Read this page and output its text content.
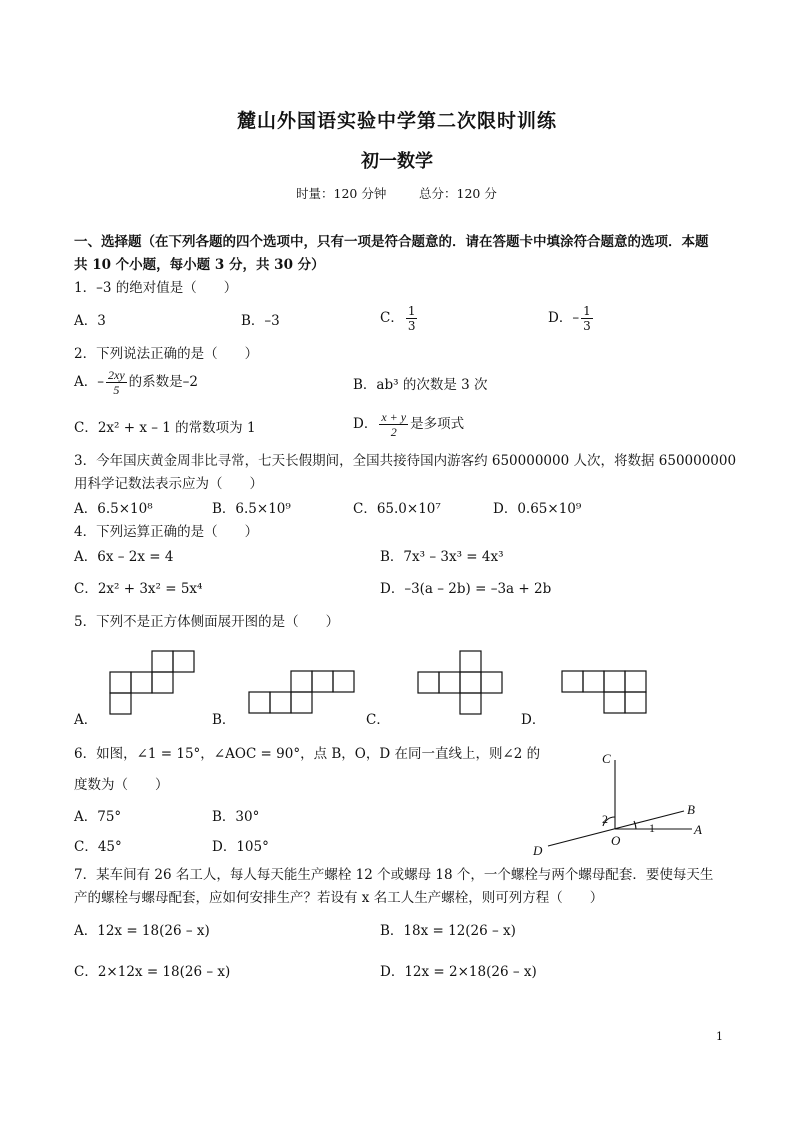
麓山外国语实验中学第二次限时训练
初一数学
时量：120 分钟	总分：120 分
一、选择题（在下列各题的四个选项中，只有一项是符合题意的．请在答题卡中填涂符合题意的选项．本题
共 10 个小题，每小题 3 分，共 30 分）
1．–3 的绝对值是（　　）
A．3	B．–3	C． $\frac{1}{3}$	D．– $\frac{1}{3}$
2．下列说法正确的是（　　）
A．– $\frac{2xy}{5}$ 的系数是–2	B．ab³ 的次数是 3 次
C．2x² + x – 1 的常数项为 1	D． $\frac{x + y}{2}$ 是多项式
3．今年国庆黄金周非比寻常，七天长假期间，全国共接待国内游客约 650000000 人次，将数据 650000000
用科学记数法表示应为（　　）
A．6.5×10⁸	B．6.5×10⁹	C．65.0×10⁷	D．0.65×10⁹
4．下列运算正确的是（　　）
A．6x – 2x = 4	B．7x³ – 3x³ = 4x³
C．2x² + 3x² = 5x⁴	D．–3(a – 2b) = –3a + 2b
5．下列不是正方体侧面展开图的是（　　）
A．	B．	C．	D．
6．如图，∠1 = 15°，∠AOC = 90°，点 B，O，D 在同一直线上，则∠2 的
度数为（　　）
A．75°	B．30°
C．45°	D．105°
C
B
A
O
D
1
2
7．某车间有 26 名工人，每人每天能生产螺栓 12 个或螺母 18 个，一个螺栓与两个螺母配套．要使每天生
产的螺栓与螺母配套，应如何安排生产？若设有 x 名工人生产螺栓，则可列方程（　　）
A．12x = 18(26 – x)	B．18x = 12(26 – x)
C．2×12x = 18(26 – x)	D．12x = 2×18(26 – x)
1
